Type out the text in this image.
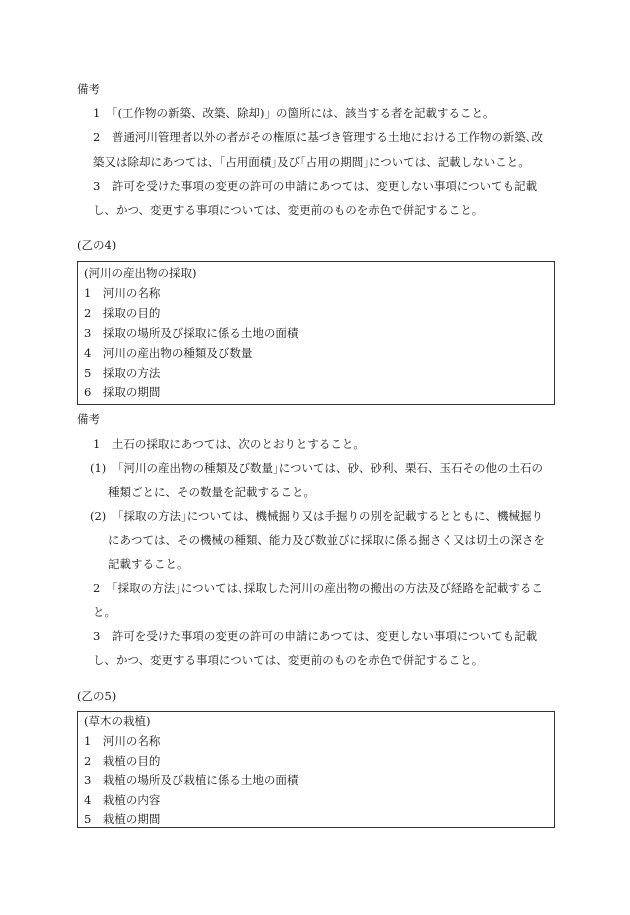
備考
1　「(工作物の新築、改築、除却)」の箇所には、該当する者を記載すること。
2　普通河川管理者以外の者がその権原に基づき管理する土地における工作物の新築､改
築又は除却にあつては、｢占用面積｣及び｢占用の期間｣については、記載しないこと。
3　許可を受けた事項の変更の許可の申請にあつては、変更しない事項についても記載
し、かつ、変更する事項については、変更前のものを赤色で併記すること。
(乙の4)
(河川の産出物の採取)
1　河川の名称
2　採取の目的
3　採取の場所及び採取に係る土地の面積
4　河川の産出物の種類及び数量
5　採取の方法
6　採取の期間
備考
1　土石の採取にあつては、次のとおりとすること。
(1)　｢河川の産出物の種類及び数量｣については、砂、砂利、栗石、玉石その他の土石の
種類ごとに、その数量を記載すること。
(2)　｢採取の方法｣については、機械掘り又は手掘りの別を記載するとともに、機械掘り
にあつては、その機械の種類、能力及び数並びに採取に係る掘さく又は切土の深さを
記載すること。
2　｢採取の方法｣については､採取した河川の産出物の搬出の方法及び経路を記載するこ
と。
3　許可を受けた事項の変更の許可の申請にあつては、変更しない事項についても記載
し、かつ、変更する事項については、変更前のものを赤色で併記すること。
(乙の5)
(草木の栽植)
1　河川の名称
2　栽植の目的
3　栽植の場所及び栽植に係る土地の面積
4　栽植の内容
5　栽植の期間
